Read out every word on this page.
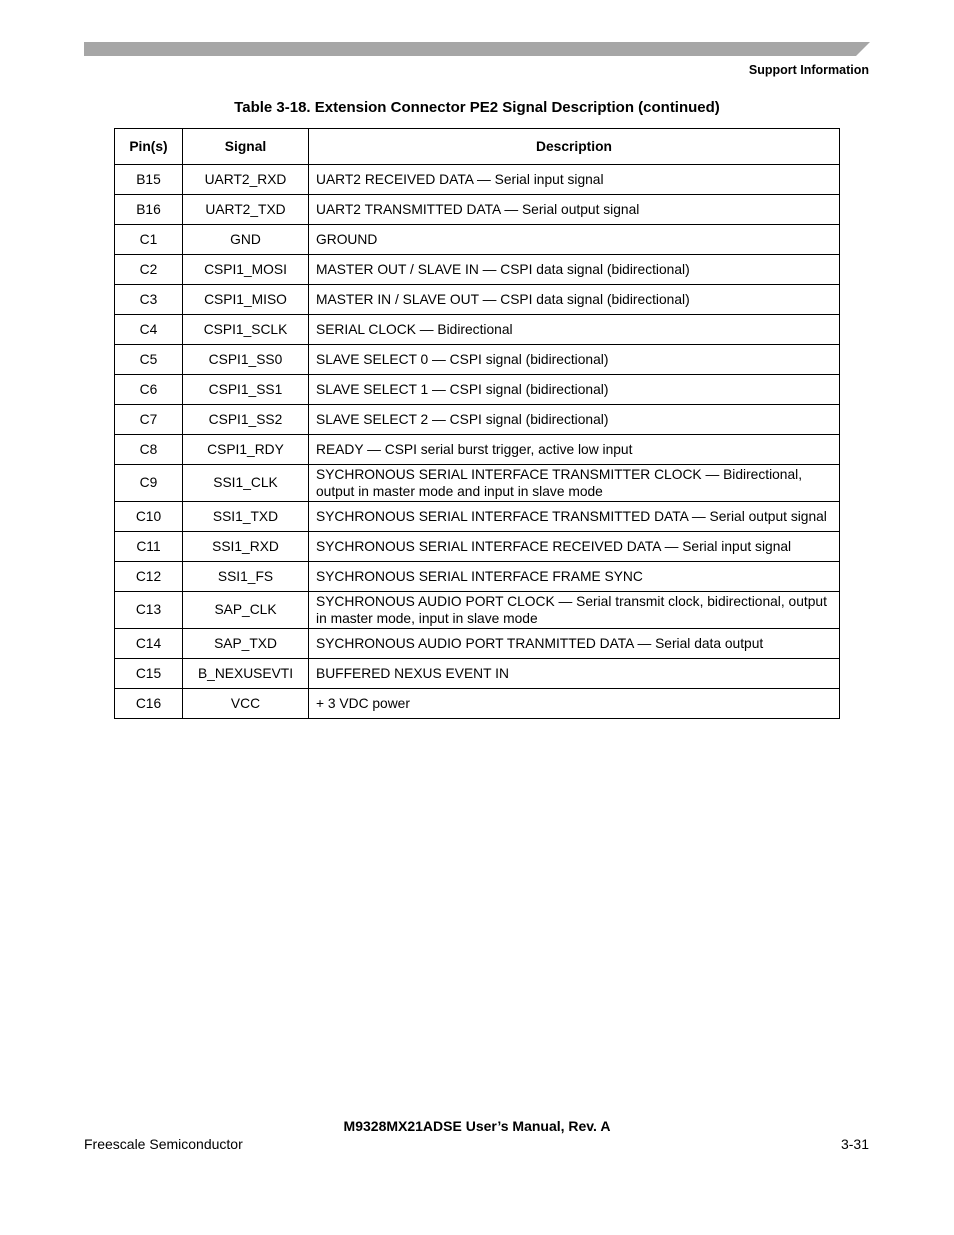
Support Information
Table 3-18. Extension Connector PE2 Signal Description (continued)
Pin(s)	Signal	Description
B15	UART2_RXD	UART2 RECEIVED DATA — Serial input signal
B16	UART2_TXD	UART2 TRANSMITTED DATA — Serial output signal
C1	GND	GROUND
C2	CSPI1_MOSI	MASTER OUT / SLAVE IN — CSPI data signal (bidirectional)
C3	CSPI1_MISO	MASTER IN / SLAVE OUT — CSPI data signal (bidirectional)
C4	CSPI1_SCLK	SERIAL CLOCK — Bidirectional
C5	CSPI1_SS0	SLAVE SELECT 0 — CSPI signal (bidirectional)
C6	CSPI1_SS1	SLAVE SELECT 1 — CSPI signal (bidirectional)
C7	CSPI1_SS2	SLAVE SELECT 2 — CSPI signal (bidirectional)
C8	CSPI1_RDY	READY — CSPI serial burst trigger, active low input
C9	SSI1_CLK	SYCHRONOUS SERIAL INTERFACE TRANSMITTER CLOCK — Bidirectional, output in master mode and input in slave mode
C10	SSI1_TXD	SYCHRONOUS SERIAL INTERFACE TRANSMITTED DATA — Serial output signal
C11	SSI1_RXD	SYCHRONOUS SERIAL INTERFACE RECEIVED DATA — Serial input signal
C12	SSI1_FS	SYCHRONOUS SERIAL INTERFACE FRAME SYNC
C13	SAP_CLK	SYCHRONOUS AUDIO PORT CLOCK — Serial transmit clock, bidirectional, output in master mode, input in slave mode
C14	SAP_TXD	SYCHRONOUS AUDIO PORT TRANMITTED DATA — Serial data output
C15	B_NEXUSEVTI	BUFFERED NEXUS EVENT IN
C16	VCC	+ 3 VDC power
M9328MX21ADSE User’s Manual, Rev. A
Freescale Semiconductor	3-31
